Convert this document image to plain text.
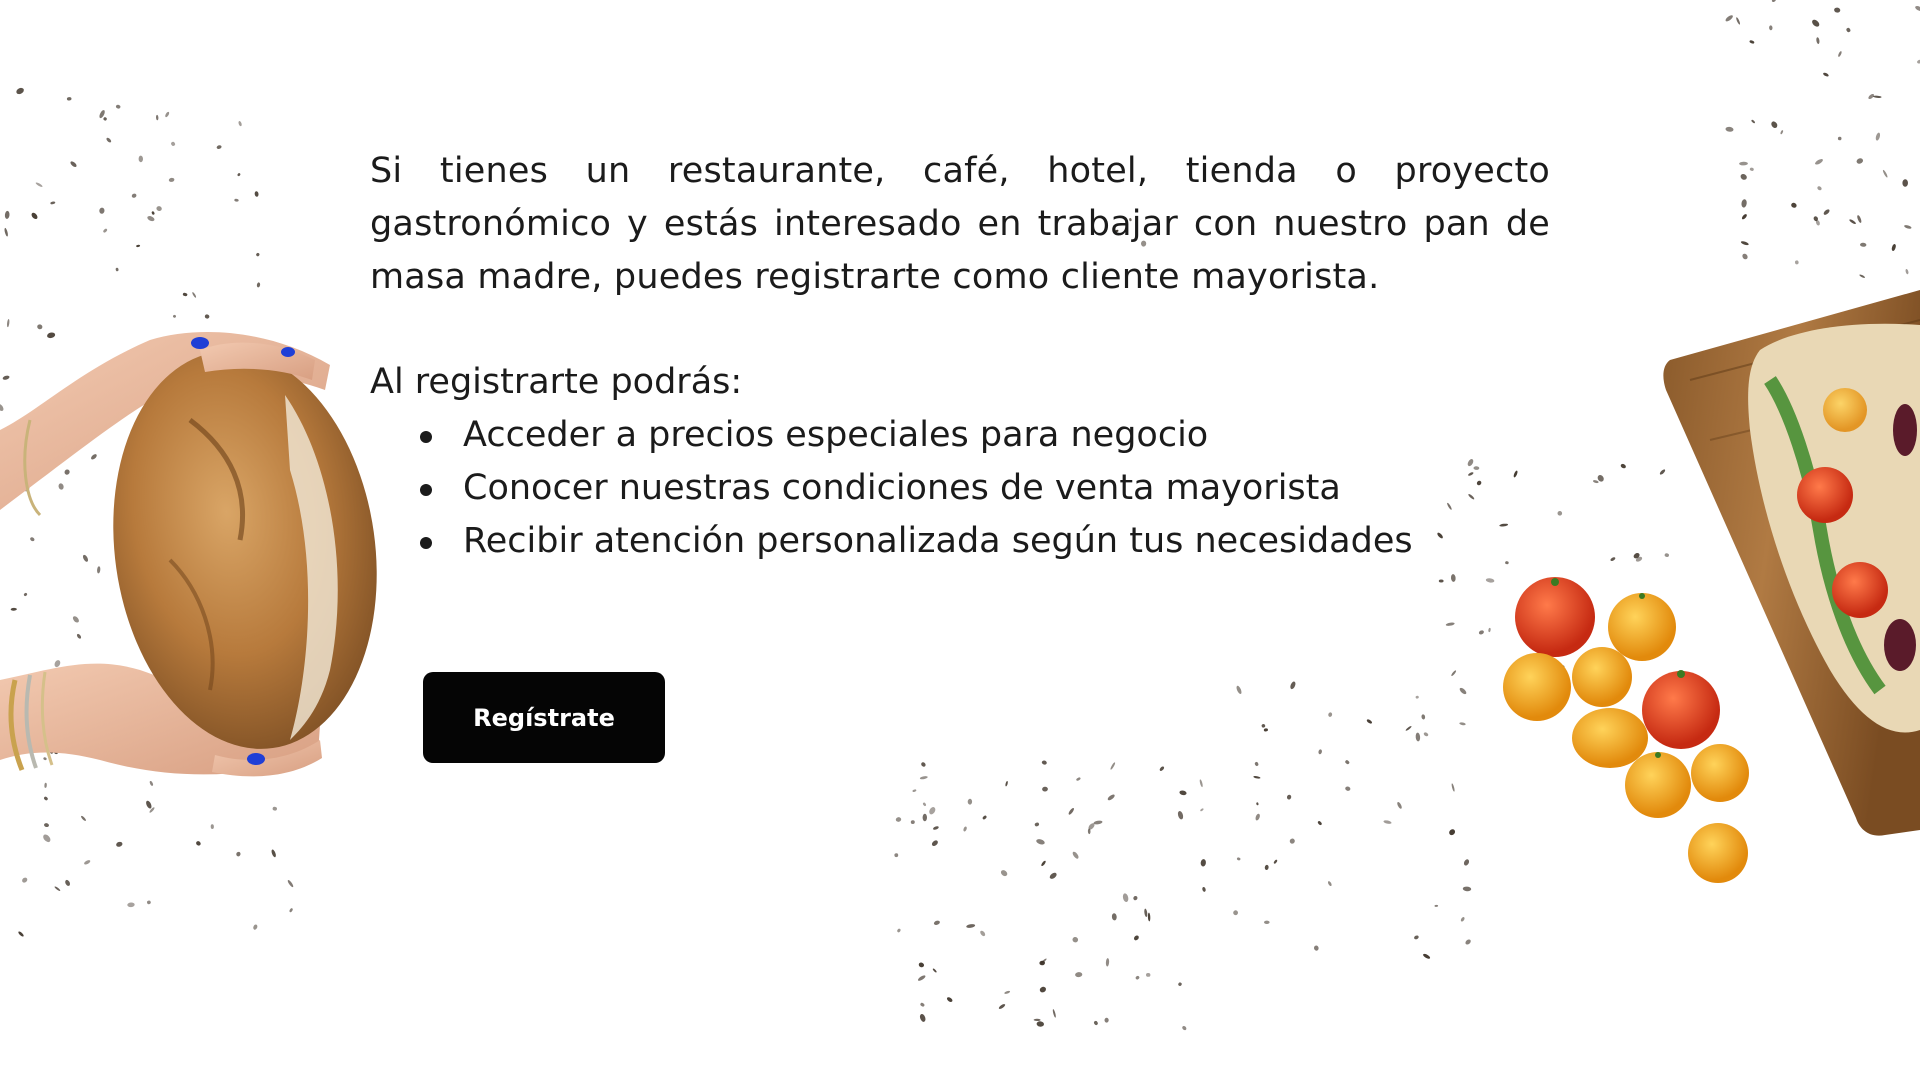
Si tienes un restaurante, café, hotel, tienda o proyecto gastronómico y estás interesado en trabajar con nuestro pan de masa madre, puedes registrarte como cliente mayorista.

Al registrarte podrás:

Acceder a precios especiales para negocio
Conocer nuestras condiciones de venta mayorista
Recibir atención personalizada según tus necesidades
Regístrate
